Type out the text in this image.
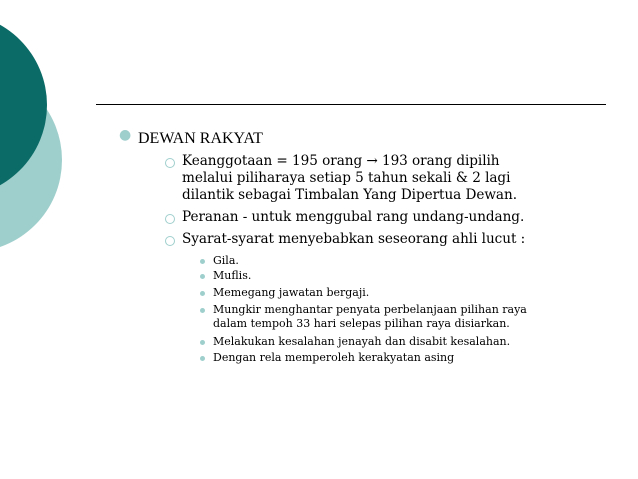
● DEWAN RAKYAT
Keanggotaan = 195 orang → 193 orang dipilih
melalui piliharaya setiap 5 tahun sekali & 2 lagi
dilantik sebagai Timbalan Yang Dipertua Dewan.
Peranan - untuk menggubal rang undang-undang.
Syarat-syarat menyebabkan seseorang ahli lucut :
Gila.
Muflis.
Memegang jawatan bergaji.
Mungkir menghantar penyata perbelanjaan pilihan raya
dalam tempoh 33 hari selepas pilihan raya disiarkan.
Melakukan kesalahan jenayah dan disabit kesalahan.
Dengan rela memperoleh kerakyatan asing
